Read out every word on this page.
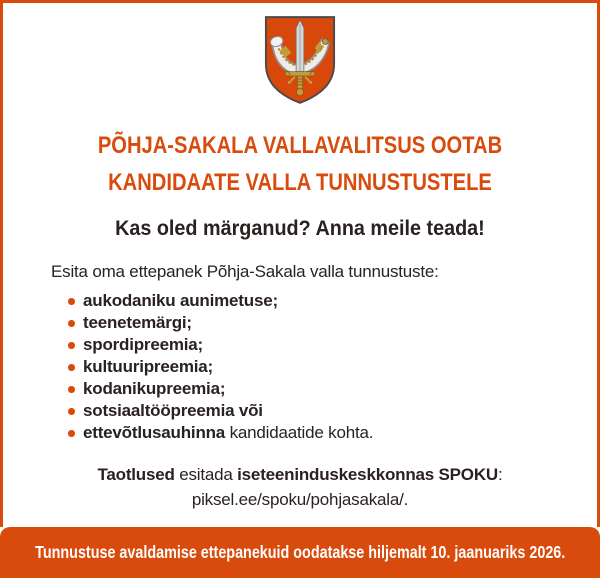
PÕHJA-SAKALA VALLAVALITSUS OOTAB
KANDIDAATE VALLA TUNNUSTUSTELE
Kas oled märganud? Anna meile teada!
Esita oma ettepanek Põhja-Sakala valla tunnustuste:
aukodaniku aunimetuse;
teenetemärgi;
spordipreemia;
kultuuripreemia;
kodanikupreemia;
sotsiaaltööpreemia või
ettevõtlusauhinna kandidaatide kohta.
Taotlused esitada iseteeninduskeskkonnas SPOKU:
piksel.ee/spoku/pohjasakala/.
Tunnustuse avaldamise ettepanekuid oodatakse hiljemalt 10. jaanuariks 2026.
